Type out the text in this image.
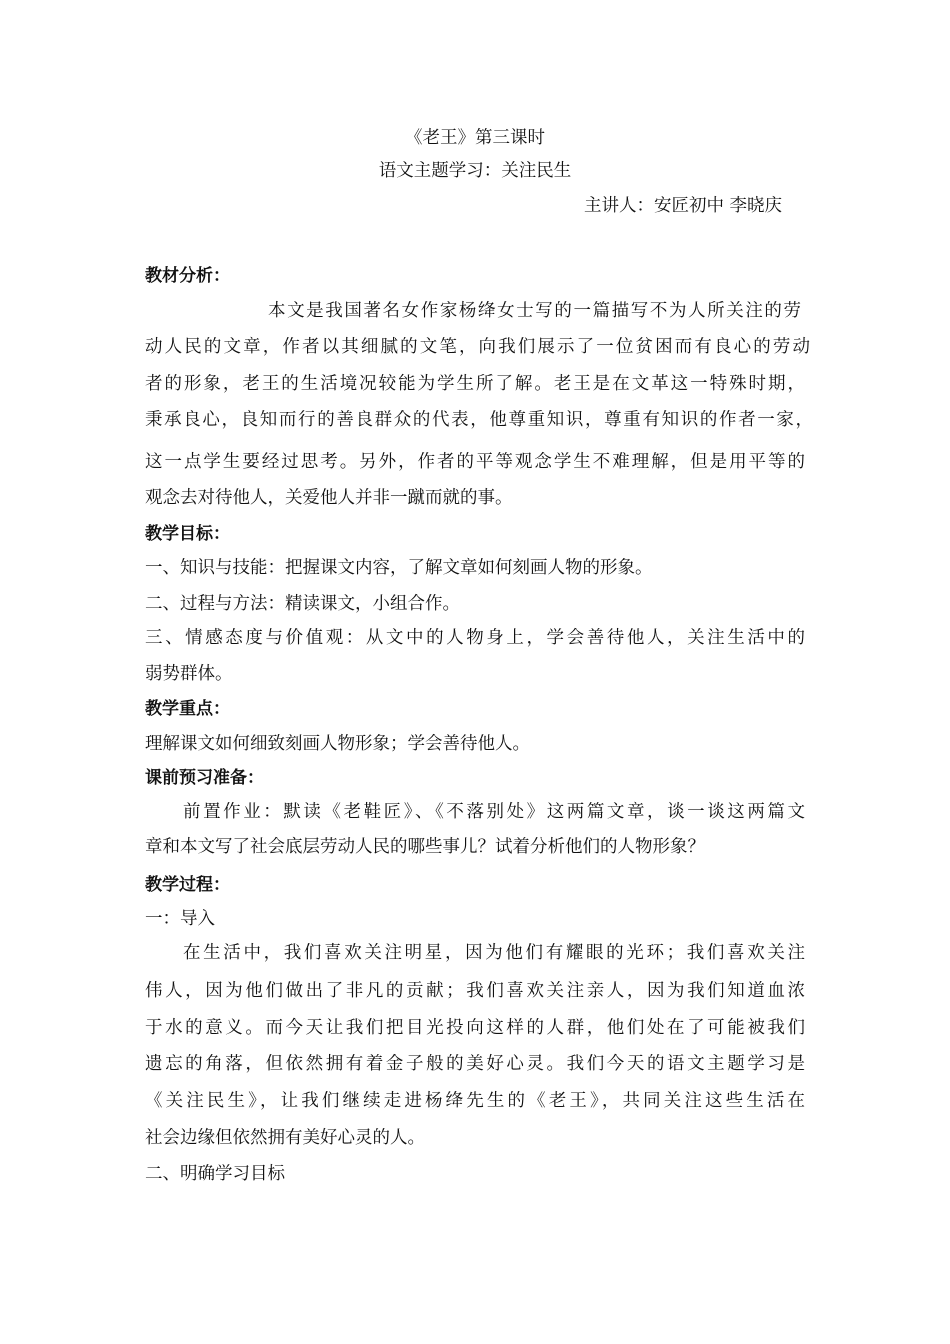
《老王》第三课时
语文主题学习：关注民生
主讲人：安匠初中 李晓庆
教材分析：
本文是我国著名女作家杨绛女士写的一篇描写不为人所关注的劳
动人民的文章，作者以其细腻的文笔，向我们展示了一位贫困而有良心的劳动
者的形象，老王的生活境况较能为学生所了解。老王是在文革这一特殊时期，
秉承良心，良知而行的善良群众的代表，他尊重知识，尊重有知识的作者一家，
这一点学生要经过思考。另外，作者的平等观念学生不难理解，但是用平等的
观念去对待他人，关爱他人并非一蹴而就的事。
教学目标：
一、知识与技能：把握课文内容，了解文章如何刻画人物的形象。
二、过程与方法：精读课文，小组合作。
三、情感态度与价值观：从文中的人物身上，学会善待他人，关注生活中的
弱势群体。
教学重点：
理解课文如何细致刻画人物形象；学会善待他人。
课前预习准备：
前置作业：默读《老鞋匠》、《不落别处》这两篇文章，谈一谈这两篇文
章和本文写了社会底层劳动人民的哪些事儿？试着分析他们的人物形象？
教学过程：
一：导入
在生活中，我们喜欢关注明星，因为他们有耀眼的光环；我们喜欢关注
伟人，因为他们做出了非凡的贡献；我们喜欢关注亲人，因为我们知道血浓
于水的意义。而今天让我们把目光投向这样的人群，他们处在了可能被我们
遗忘的角落，但依然拥有着金子般的美好心灵。我们今天的语文主题学习是
《关注民生》，让我们继续走进杨绛先生的《老王》，共同关注这些生活在
社会边缘但依然拥有美好心灵的人。
二、明确学习目标
